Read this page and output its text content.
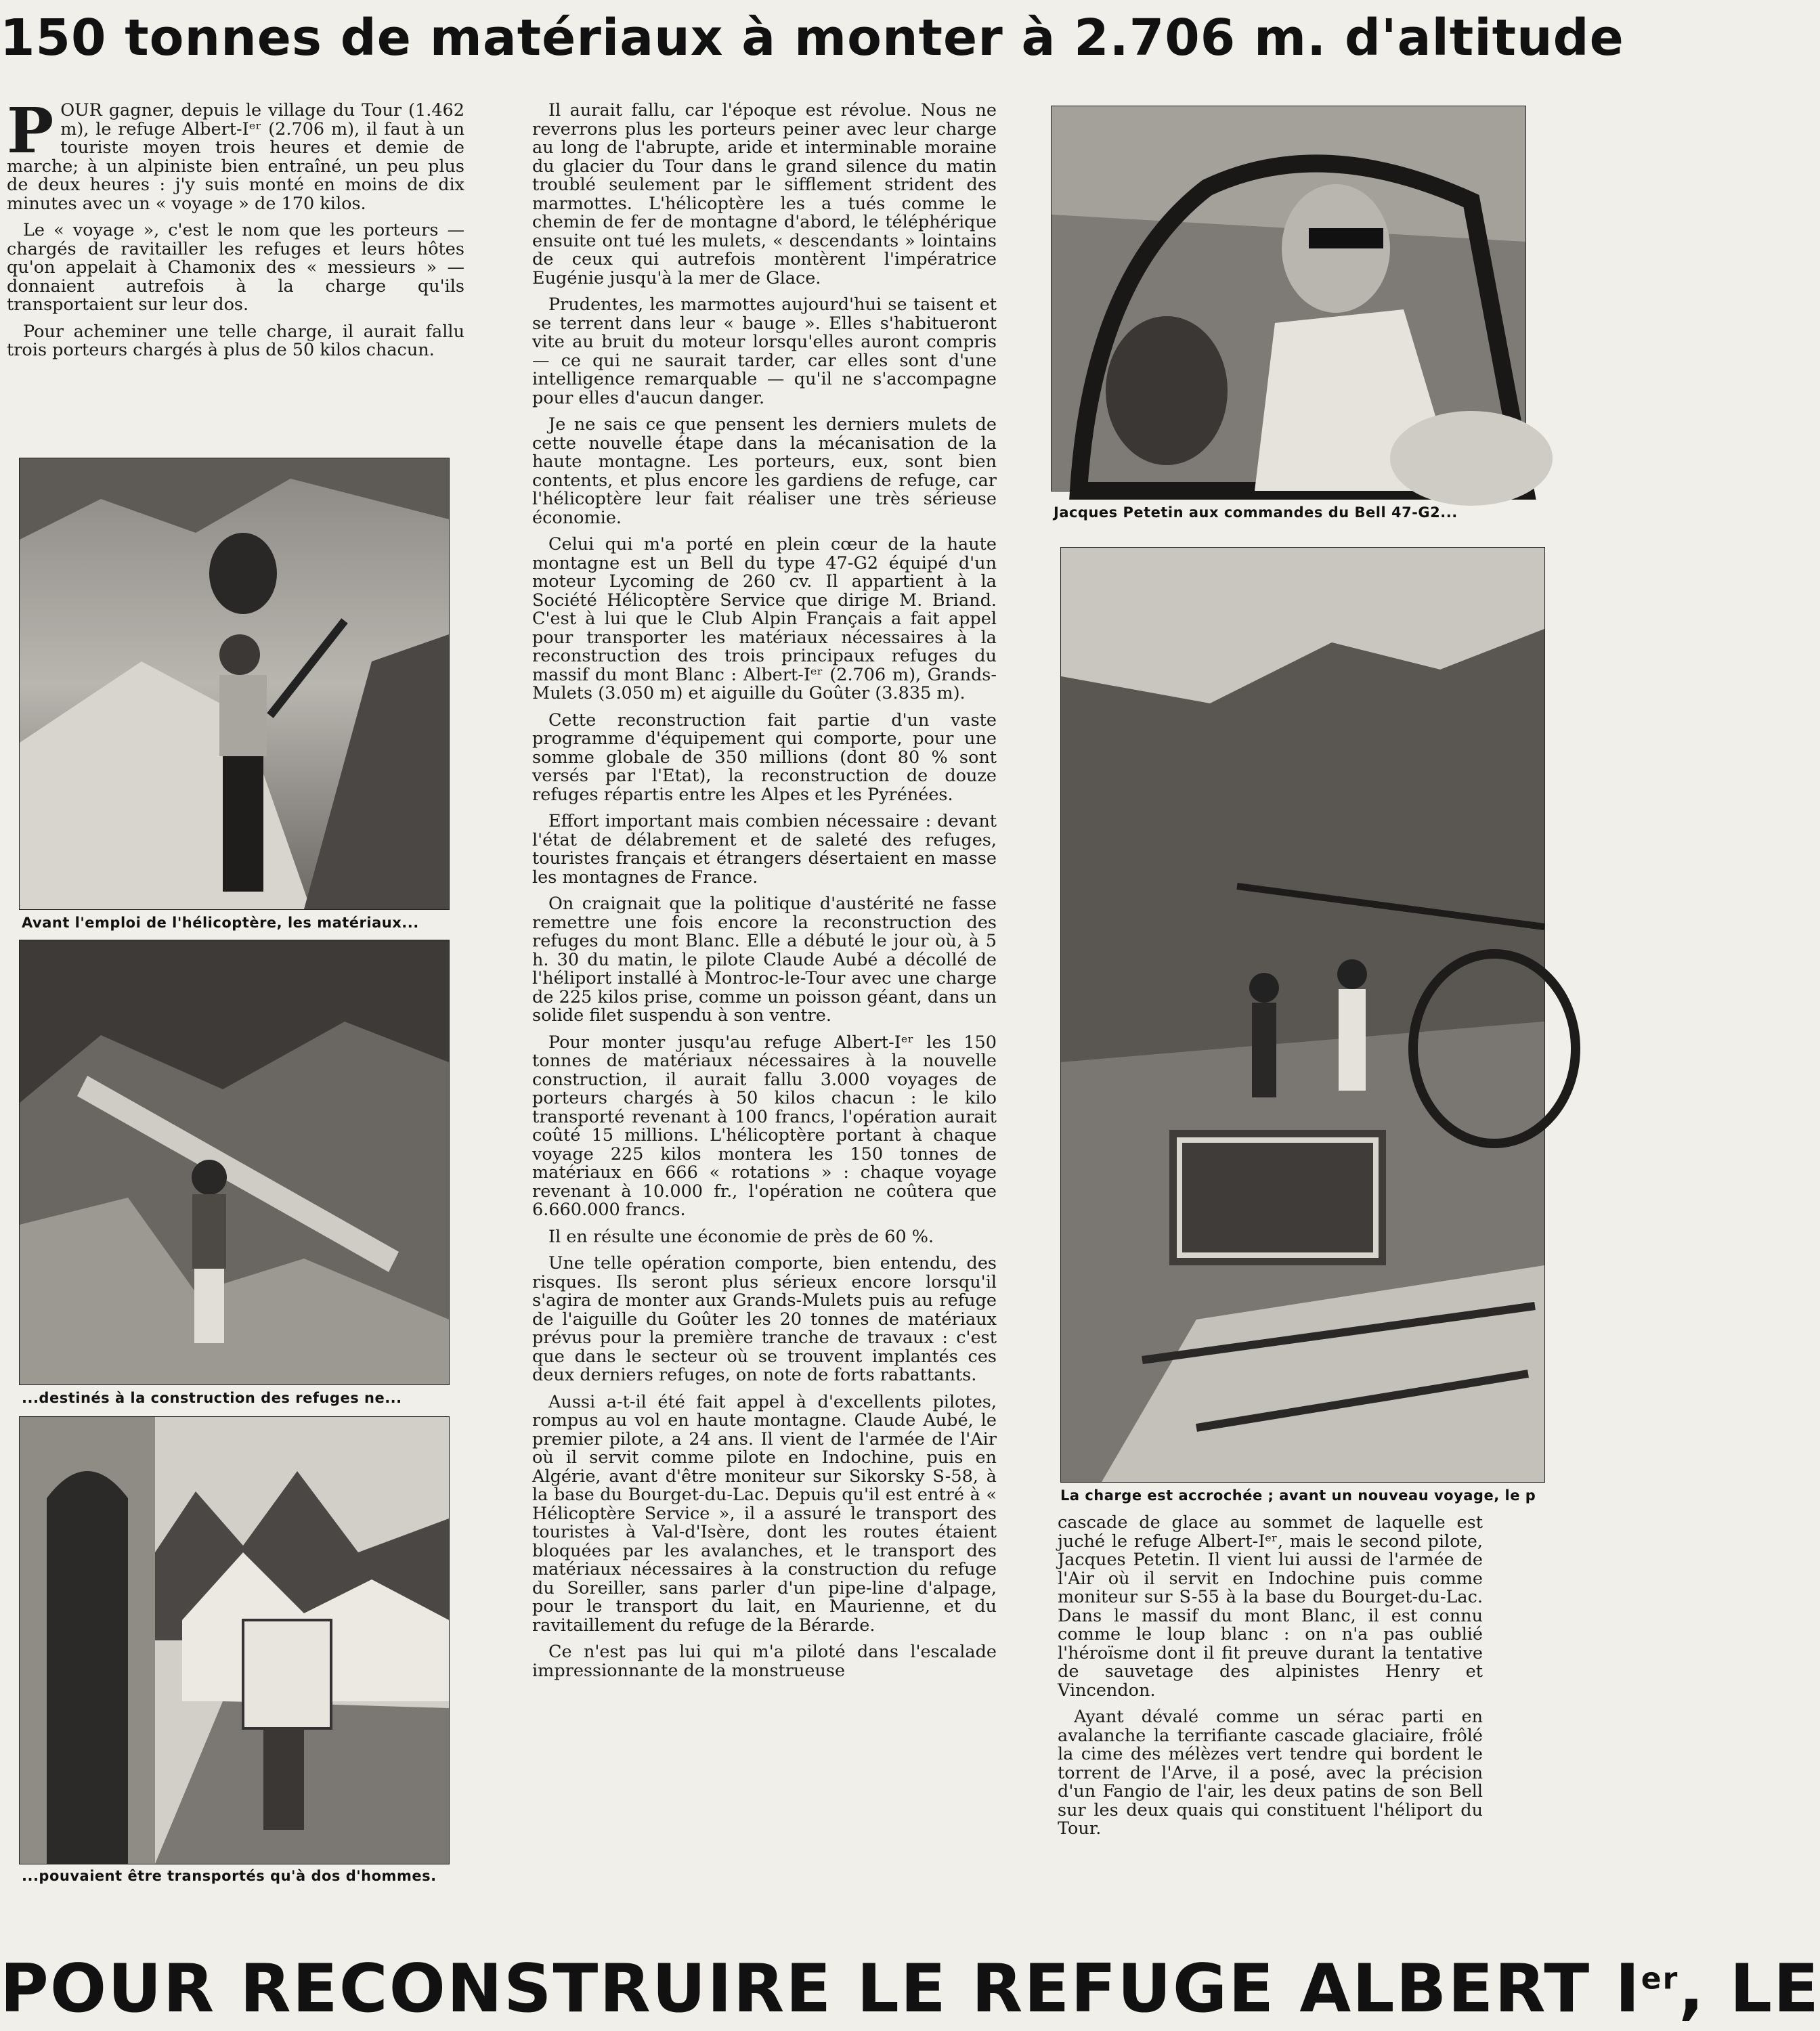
150 tonnes de matériaux à monter à 2.706 m. d'altitude
P OUR gagner, depuis le village du Tour (1.462 m), le refuge Albert-Iᵉʳ (2.706 m), il faut à un touriste moyen trois heures et demie de marche; à un alpiniste bien entraîné, un peu plus de deux heures : j'y suis monté en moins de dix minutes avec un « voyage » de 170 kilos.

Le « voyage », c'est le nom que les porteurs — chargés de ravitailler les refuges et leurs hôtes qu'on appelait à Chamonix des « messieurs » — donnaient autrefois à la charge qu'ils transportaient sur leur dos.

Pour acheminer une telle charge, il aurait fallu trois porteurs chargés à plus de 50 kilos chacun.

Avant l'emploi de l'hélicoptère, les matériaux...
...destinés à la construction des refuges ne...
...pouvaient être transportés qu'à dos d'hommes.

Il aurait fallu, car l'époque est révolue. Nous ne reverrons plus les porteurs peiner avec leur charge au long de l'abrupte, aride et interminable moraine du glacier du Tour dans le grand silence du matin troublé seulement par le sifflement strident des marmottes. L'hélicoptère les a tués comme le chemin de fer de montagne d'abord, le téléphérique ensuite ont tué les mulets, « descendants » lointains de ceux qui autrefois montèrent l'impératrice Eugénie jusqu'à la mer de Glace.

Prudentes, les marmottes aujourd'hui se taisent et se terrent dans leur « bauge ». Elles s'habitueront vite au bruit du moteur lorsqu'elles auront compris — ce qui ne saurait tarder, car elles sont d'une intelligence remarquable — qu'il ne s'accompagne pour elles d'aucun danger.

Je ne sais ce que pensent les derniers mulets de cette nouvelle étape dans la mécanisation de la haute montagne. Les porteurs, eux, sont bien contents, et plus encore les gardiens de refuge, car l'hélicoptère leur fait réaliser une très sérieuse économie.

Celui qui m'a porté en plein cœur de la haute montagne est un Bell du type 47-G2 équipé d'un moteur Lycoming de 260 cv. Il appartient à la Société Hélicoptère Service que dirige M. Briand. C'est à lui que le Club Alpin Français a fait appel pour transporter les matériaux nécessaires à la reconstruction des trois principaux refuges du massif du mont Blanc : Albert-Iᵉʳ (2.706 m), Grands-Mulets (3.050 m) et aiguille du Goûter (3.835 m).

Cette reconstruction fait partie d'un vaste programme d'équipement qui comporte, pour une somme globale de 350 millions (dont 80 % sont versés par l'Etat), la reconstruction de douze refuges répartis entre les Alpes et les Pyrénées.

Effort important mais combien nécessaire : devant l'état de délabrement et de saleté des refuges, touristes français et étrangers désertaient en masse les montagnes de France.

On craignait que la politique d'austérité ne fasse remettre une fois encore la reconstruction des refuges du mont Blanc. Elle a débuté le jour où, à 5 h. 30 du matin, le pilote Claude Aubé a décollé de l'héliport installé à Montroc-le-Tour avec une charge de 225 kilos prise, comme un poisson géant, dans un solide filet suspendu à son ventre.

Pour monter jusqu'au refuge Albert-Iᵉʳ les 150 tonnes de matériaux nécessaires à la nouvelle construction, il aurait fallu 3.000 voyages de porteurs chargés à 50 kilos chacun : le kilo transporté revenant à 100 francs, l'opération aurait coûté 15 millions. L'hélicoptère portant à chaque voyage 225 kilos montera les 150 tonnes de matériaux en 666 « rotations » : chaque voyage revenant à 10.000 fr., l'opération ne coûtera que 6.660.000 francs.

Il en résulte une économie de près de 60 %.

Une telle opération comporte, bien entendu, des risques. Ils seront plus sérieux encore lorsqu'il s'agira de monter aux Grands-Mulets puis au refuge de l'aiguille du Goûter les 20 tonnes de matériaux prévus pour la première tranche de travaux : c'est que dans le secteur où se trouvent implantés ces deux derniers refuges, on note de forts rabattants.

Aussi a-t-il été fait appel à d'excellents pilotes, rompus au vol en haute montagne. Claude Aubé, le premier pilote, a 24 ans. Il vient de l'armée de l'Air où il servit comme pilote en Indochine, puis en Algérie, avant d'être moniteur sur Sikorsky S-58, à la base du Bourget-du-Lac. Depuis qu'il est entré à « Hélicoptère Service », il a assuré le transport des touristes à Val-d'Isère, dont les routes étaient bloquées par les avalanches, et le transport des matériaux nécessaires à la construction du refuge du Soreiller, sans parler d'un pipe-line d'alpage, pour le transport du lait, en Maurienne, et du ravitaillement du refuge de la Bérarde.

Ce n'est pas lui qui m'a piloté dans l'escalade impressionnante de la monstrueuse

Jacques Petetin aux commandes du Bell 47-G2...
La charge est accrochée ; avant un nouveau voyage, le p

cascade de glace au sommet de laquelle est juché le refuge Albert-Iᵉʳ, mais le second pilote, Jacques Petetin. Il vient lui aussi de l'armée de l'Air où il servit en Indochine puis comme moniteur sur S-55 à la base du Bourget-du-Lac. Dans le massif du mont Blanc, il est connu comme le loup blanc : on n'a pas oublié l'héroïsme dont il fit preuve durant la tentative de sauvetage des alpinistes Henry et Vincendon.

Ayant dévalé comme un sérac parti en avalanche la terrifiante cascade glaciaire, frôlé la cime des mélèzes vert tendre qui bordent le torrent de l'Arve, il a posé, avec la précision d'un Fangio de l'air, les deux patins de son Bell sur les deux quais qui constituent l'héliport du Tour.

POUR RECONSTRUIRE LE REFUGE ALBERT Ier, LE
